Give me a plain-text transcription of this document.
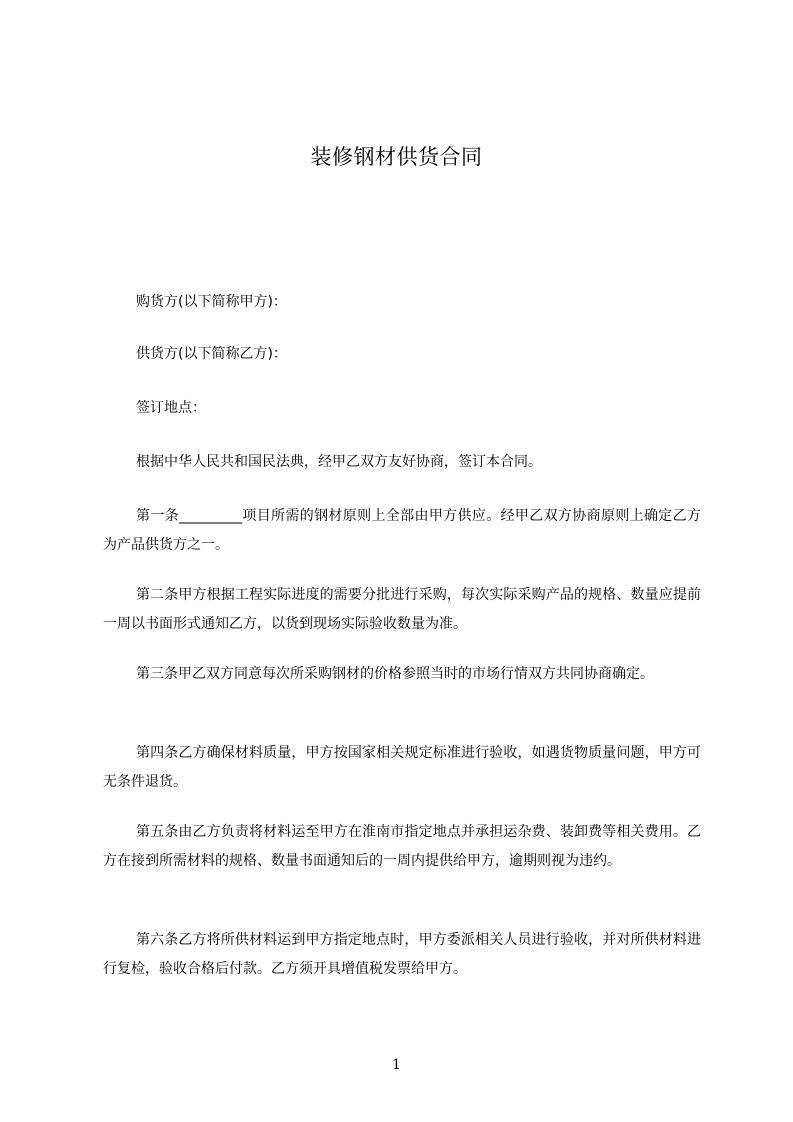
装修钢材供货合同
购货方(以下简称甲方)：
供货方(以下简称乙方)：
签订地点：
根据中华人民共和国民法典，经甲乙双方友好协商，签订本合同。
第一条_________项目所需的钢材原则上全部由甲方供应。经甲乙双方协商原则上确定乙方为产品供货方之一。
第二条甲方根据工程实际进度的需要分批进行采购，每次实际采购产品的规格、数量应提前一周以书面形式通知乙方，以货到现场实际验收数量为准。
第三条甲乙双方同意每次所采购钢材的价格参照当时的市场行情双方共同协商确定。
第四条乙方确保材料质量，甲方按国家相关规定标准进行验收，如遇货物质量问题，甲方可无条件退货。
第五条由乙方负责将材料运至甲方在淮南市指定地点并承担运杂费、装卸费等相关费用。乙方在接到所需材料的规格、数量书面通知后的一周内提供给甲方，逾期则视为违约。
第六条乙方将所供材料运到甲方指定地点时，甲方委派相关人员进行验收，并对所供材料进行复检，验收合格后付款。乙方须开具增值税发票给甲方。
1
